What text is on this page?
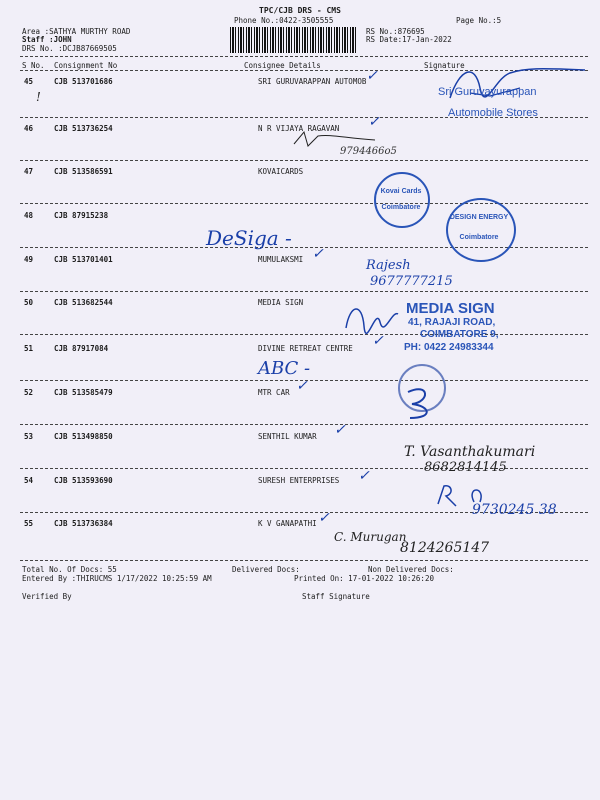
TPC/CJB DRS - CMS
Phone No.:0422-3505555
Area :SATHYA MURTHY ROAD
Staff :JOHN
DRS No. :DCJB87669505
RS No.:876695
RS Date:17-Jan-2022
Page No.:5
S No. Consignment No	Consignee Details	Signature
45	CJB 513701686	SRI GURUVARAPPAN AUTOMOB
46	CJB 513736254	N R VIJAYA RAGAVAN
47	CJB 513586591	KOVAICARDS
48	CJB 87915238
49	CJB 513701401	MUMULAKSMI
50	CJB 513682544	MEDIA SIGN
51	CJB 87917084	DIVINE RETREAT CENTRE
52	CJB 513585479	MTR CAR
53	CJB 513498850	SENTHIL KUMAR
54	CJB 513593690	SURESH ENTERPRISES
55	CJB 513736384	K V GANAPATHI
✓
✓
✓
✓
✓
✓
✓
✓
!	Sri Guruvayurappan
Automobile Stores
9794466o5
Kovai Cards
Coimbatore
DESIGN ENERGY
Coimbatore
DeSiga -
Rajesh
9677777215
MEDIA SIGN
41, RAJAJI ROAD,
COIMBATORE 9,
PH: 0422 24983344
ABC -
T. Vasanthakumari
8682814145
9730245 38
C. Murugan
8124265147
Total No. Of Docs: 55	Delivered Docs:	Non Delivered Docs:
Entered By :THIRUCMS 1/17/2022 10:25:59 AM	Printed On: 17-01-2022 10:26:20
Verified By	Staff Signature
